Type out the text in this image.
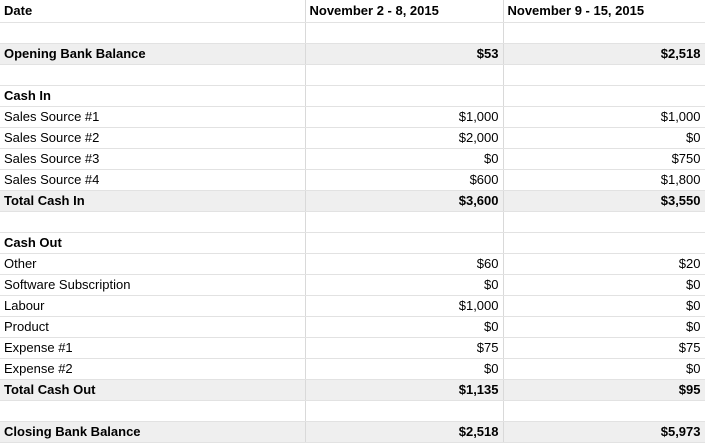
Date	November 2 - 8, 2015	November 9 - 15, 2015

Opening Bank Balance	$53	$2,518

Cash In		
Sales Source #1	$1,000	$1,000
Sales Source #2	$2,000	$0
Sales Source #3	$0	$750
Sales Source #4	$600	$1,800
Total Cash In	$3,600	$3,550

Cash Out		
Other	$60	$20
Software Subscription	$0	$0
Labour	$1,000	$0
Product	$0	$0
Expense #1	$75	$75
Expense #2	$0	$0
Total Cash Out	$1,135	$95

Closing Bank Balance	$2,518	$5,973
